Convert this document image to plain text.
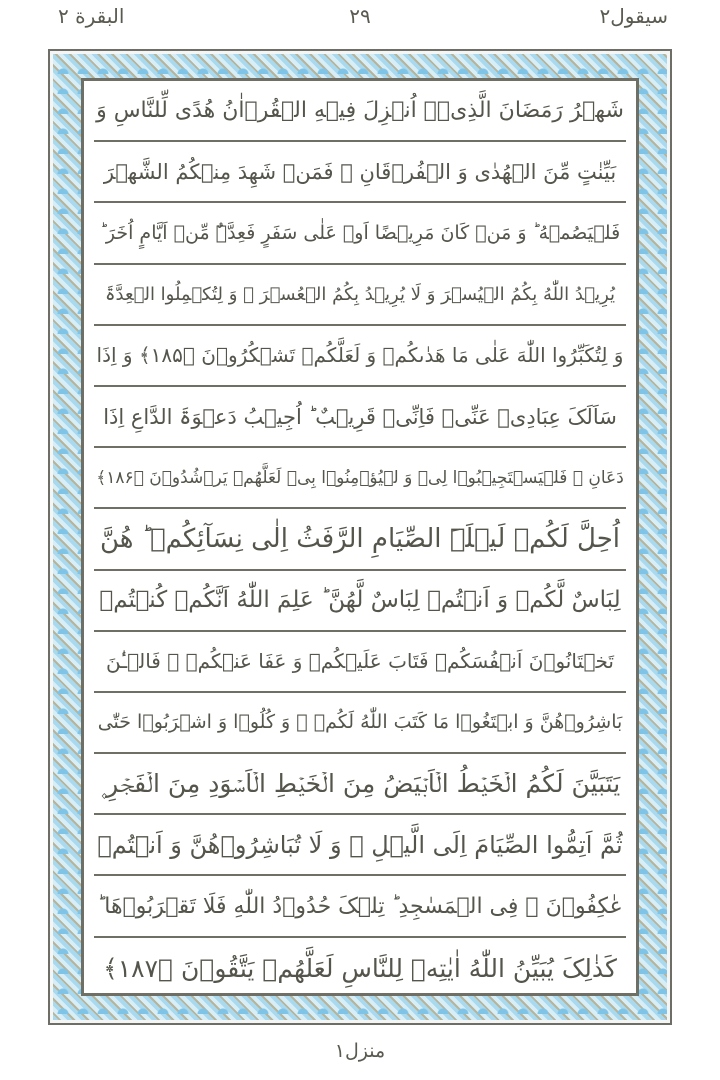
سیقول۲
۲۹
البقرة ۲
شَهۡرُ رَمَضَانَ الَّذِیۡۤ اُنۡزِلَ فِیۡهِ الۡقُرۡاٰنُ هُدًی لِّلنَّاسِ وَ
بَیِّنٰتٍ مِّنَ الۡهُدٰی وَ الۡفُرۡقَانِ ۚ فَمَنۡ شَهِدَ مِنۡکُمُ الشَّهۡرَ
فَلۡیَصُمۡهُ ؕ وَ مَنۡ کَانَ مَرِیۡضًا اَوۡ عَلٰی سَفَرٍ فَعِدَّۃٌ مِّنۡ اَیَّامٍ اُخَرَ ؕ
یُرِیۡدُ اللّٰهُ بِکُمُ الۡیُسۡرَ وَ لَا یُرِیۡدُ بِکُمُ الۡعُسۡرَ ۫ وَ لِتُکۡمِلُوا الۡعِدَّۃَ
وَ لِتُکَبِّرُوا اللّٰهَ عَلٰی مَا هَدٰىکُمۡ وَ لَعَلَّکُمۡ تَشۡکُرُوۡنَ ﴿۱۸۵﴾ وَ اِذَا
سَاَلَکَ عِبَادِیۡ عَنِّیۡ فَاِنِّیۡ قَرِیۡبٌ ؕ اُجِیۡبُ دَعۡوَۃَ الدَّاعِ اِذَا
دَعَانِ ۙ فَلۡیَسۡتَجِیۡبُوۡا لِیۡ وَ لۡیُؤۡمِنُوۡا بِیۡ لَعَلَّهُمۡ یَرۡشُدُوۡنَ ﴿۱۸۶﴾
اُحِلَّ لَکُمۡ لَیۡلَۃَ الصِّیَامِ الرَّفَثُ اِلٰی نِسَآئِکُمۡ ؕ هُنَّ
لِبَاسٌ لَّکُمۡ وَ اَنۡتُمۡ لِبَاسٌ لَّهُنَّ ؕ عَلِمَ اللّٰهُ اَنَّکُمۡ کُنۡتُمۡ
تَخۡتَانُوۡنَ اَنۡفُسَکُمۡ فَتَابَ عَلَیۡکُمۡ وَ عَفَا عَنۡکُمۡ ۚ فَالۡـٰٔنَ
بَاشِرُوۡهُنَّ وَ ابۡتَغُوۡا مَا کَتَبَ اللّٰهُ لَکُمۡ ۪ وَ کُلُوۡا وَ اشۡرَبُوۡا حَتّٰی
یَتَبَیَّنَ لَکُمُ الۡخَیۡطُ الۡاَبۡیَضُ مِنَ الۡخَیۡطِ الۡاَسۡوَدِ مِنَ الۡفَجۡرِ ۪
ثُمَّ اَتِمُّوا الصِّیَامَ اِلَی الَّیۡلِ ۚ وَ لَا تُبَاشِرُوۡهُنَّ وَ اَنۡتُمۡ
عٰکِفُوۡنَ ۙ فِی الۡمَسٰجِدِ ؕ تِلۡکَ حُدُوۡدُ اللّٰهِ فَلَا تَقۡرَبُوۡهَا ؕ
کَذٰلِکَ یُبَیِّنُ اللّٰهُ اٰیٰتِهٖ لِلنَّاسِ لَعَلَّهُمۡ یَتَّقُوۡنَ ﴿۱۸۷﴾
منزل۱
